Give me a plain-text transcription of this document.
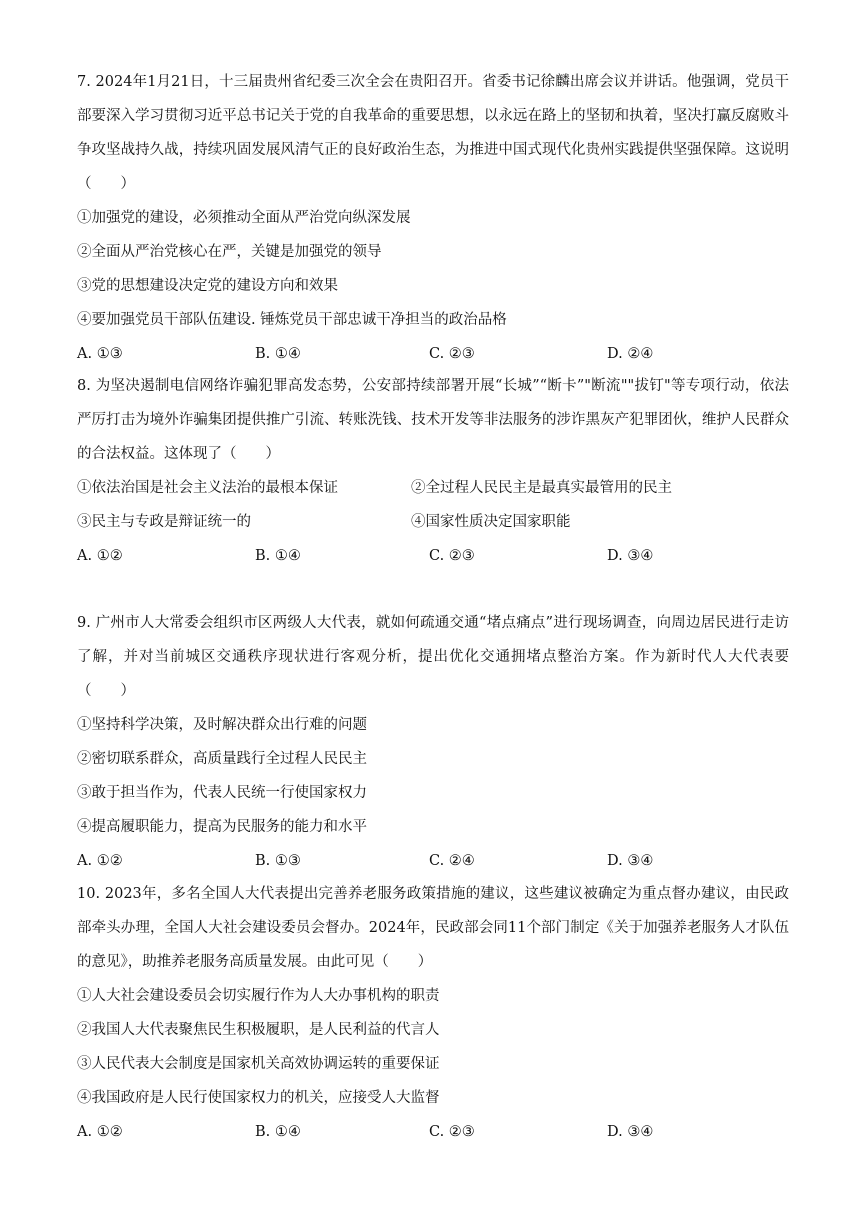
7. 2024年1月21日，十三届贵州省纪委三次全会在贵阳召开。省委书记徐麟出席会议并讲话。他强调，党员干部要深入学习贯彻习近平总书记关于党的自我革命的重要思想，以永远在路上的坚韧和执着，坚决打赢反腐败斗争攻坚战持久战，持续巩固发展风清气正的良好政治生态，为推进中国式现代化贵州实践提供坚强保障。这说明（　　）

①加强党的建设，必须推动全面从严治党向纵深发展

②全面从严治党核心在严，关键是加强党的领导

③党的思想建设决定党的建设方向和效果

④要加强党员干部队伍建设. 锤炼党员干部忠诚干净担当的政治品格

A. ①③	B. ①④	C. ②③	D. ②④

8. 为坚决遏制电信网络诈骗犯罪高发态势，公安部持续部署开展“长城”“断卡”"断流""拔钉"等专项行动，依法严厉打击为境外诈骗集团提供推广引流、转账洗钱、技术开发等非法服务的涉诈黑灰产犯罪团伙，维护人民群众的合法权益。这体现了（　　）

①依法治国是社会主义法治的最根本保证	②全过程人民民主是最真实最管用的民主
③民主与专政是辩证统一的	④国家性质决定国家职能
A. ①②	B. ①④	C. ②③	D. ③④

9. 广州市人大常委会组织市区两级人大代表，就如何疏通交通“堵点痛点”进行现场调查，向周边居民进行走访了解，并对当前城区交通秩序现状进行客观分析，提出优化交通拥堵点整治方案。作为新时代人大代表要（　　）

①坚持科学决策，及时解决群众出行难的问题

②密切联系群众，高质量践行全过程人民民主

③敢于担当作为，代表人民统一行使国家权力

④提高履职能力，提高为民服务的能力和水平

A. ①②	B. ①③	C. ②④	D. ③④

10. 2023年，多名全国人大代表提出完善养老服务政策措施的建议，这些建议被确定为重点督办建议，由民政部牵头办理，全国人大社会建设委员会督办。2024年，民政部会同11个部门制定《关于加强养老服务人才队伍的意见》，助推养老服务高质量发展。由此可见（　　）

①人大社会建设委员会切实履行作为人大办事机构的职责

②我国人大代表聚焦民生积极履职，是人民利益的代言人

③人民代表大会制度是国家机关高效协调运转的重要保证

④我国政府是人民行使国家权力的机关，应接受人大监督

A. ①②	B. ①④	C. ②③	D. ③④
